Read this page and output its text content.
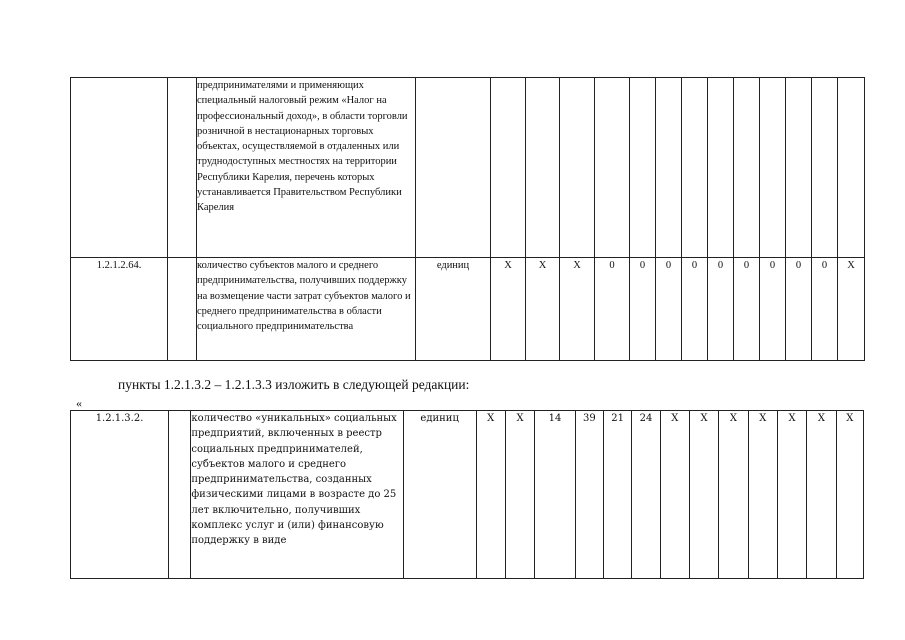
		предпринимателями и применяющих специальный налоговый режим «Налог на профессиональный доход», в области торговли розничной в нестационарных торговых объектах, осуществляемой в отдаленных или труднодоступных местностях на территории Республики Карелия, перечень которых устанавливается Правительством Республики Карелия														
1.2.1.2.64.		количество субъектов малого и среднего предпринимательства, получивших поддержку на возмещение части затрат субъектов малого и среднего предпринимательства в области социального предпринимательства	единиц	Х	Х	Х	0	0	0	0	0	0	0	0	0	Х
пункты 1.2.1.3.2 – 1.2.1.3.3 изложить в следующей редакции:
«
1.2.1.3.2.		количество «уникальных» социальных предприятий, включенных в реестр социальных предпринимателей, субъектов малого и среднего предпринимательства, созданных физическими лицами в возрасте до 25 лет включительно, получивших комплекс услуг и (или) финансовую поддержку в виде	единиц	Х	Х	14	39	21	24	Х	Х	Х	Х	Х	Х	Х
